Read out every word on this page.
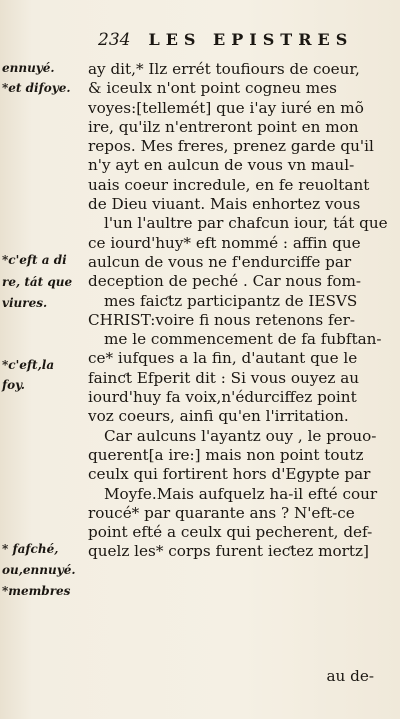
234 LES EPISTRES
ay dit,* Ilz errét toufiours de coeur,
& iceulx n'ont point cogneu mes
voyes:[tellemét] que i'ay iuré en mõ
ire, qu'ilz n'entreront point en mon
repos. Mes freres, prenez garde qu'il
n'y ayt en aulcun de vous vn maul-
uais coeur incredule, en fe reuoltant
de Dieu viuant. Mais enhortez vous
l'un l'aultre par chafcun iour, tát que
ce iourd'huy* eft nommé : affin que
aulcun de vous ne f'endurciffe par
deception de peché . Car nous fom-
mes faiƈtz participantz de IESVS
CHRIST:voire fi nous retenons fer-
me le commencement de fa fubftan-
ce* iufques a la fin, d'autant que le
fainƈt Efperit dit : Si vous ouyez au
iourd'huy fa voix,n'édurciffez point
voz coeurs, ainfi qu'en l'irritation.
Car aulcuns l'ayantz ouy , le prouo-
querent[a ire:] mais non point toutz
ceulx qui fortirent hors d'Egypte par
Moyfe.Mais aufquelz ha-il efté cour
roucé* par quarante ans ? N'eft-ce
point efté a ceulx qui pecherent, def-
quelz les* corps furent ieƈtez mortz]
ennuyé.
*et difoye.
*c'eft a di
re, tát que
viures.
*c'eft,la
foy.
* fafché,
ou,ennuyé.
*membres
au de-
